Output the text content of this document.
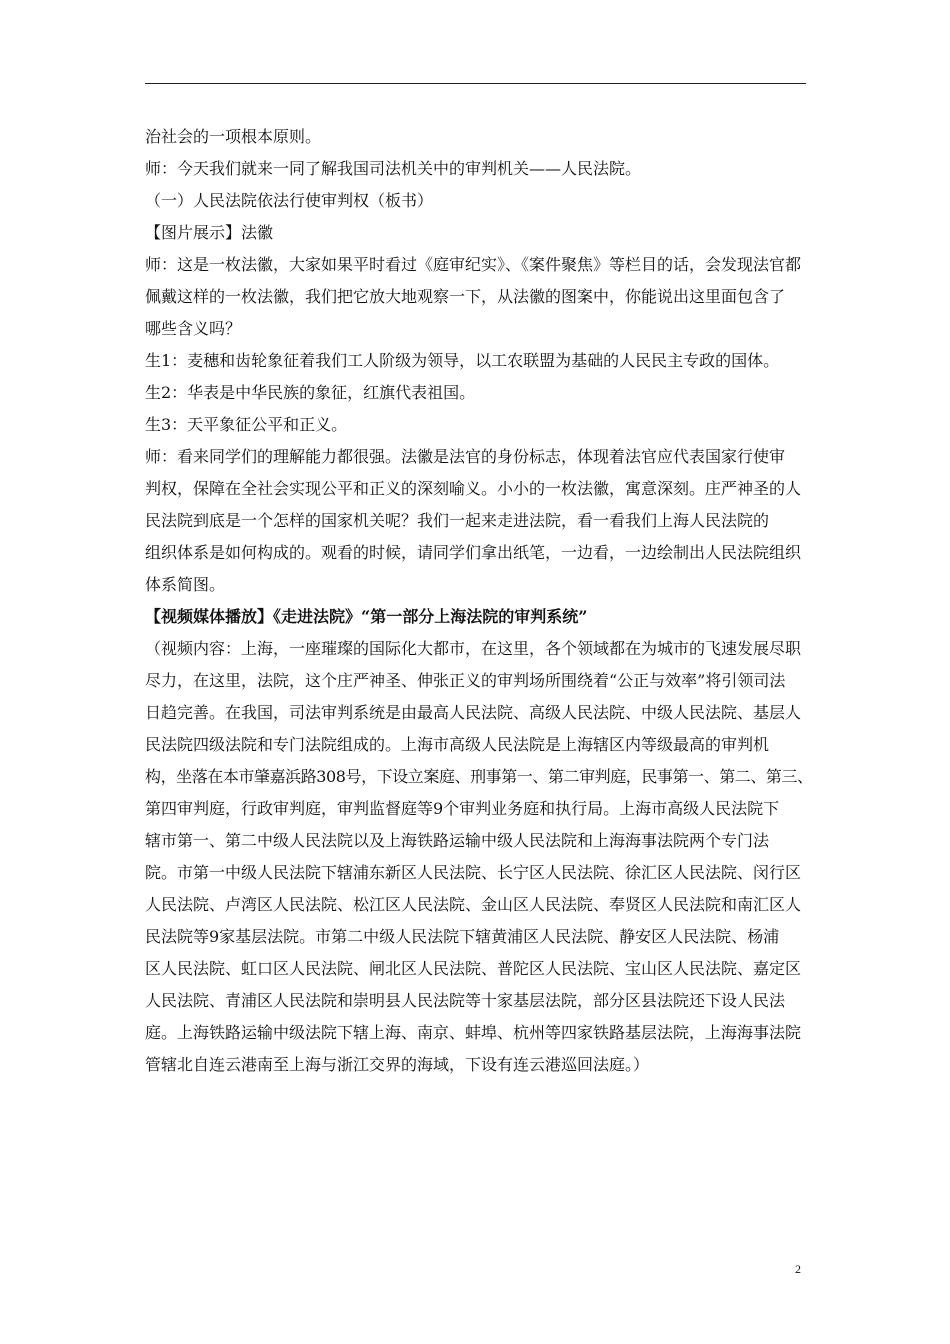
治社会的一项根本原则。
师：今天我们就来一同了解我国司法机关中的审判机关——人民法院。
（一）人民法院依法行使审判权（板书）
【图片展示】法徽
师：这是一枚法徽，大家如果平时看过《庭审纪实》、《案件聚焦》等栏目的话，会发现法官都
佩戴这样的一枚法徽，我们把它放大地观察一下，从法徽的图案中，你能说出这里面包含了
哪些含义吗？
生1：麦穗和齿轮象征着我们工人阶级为领导，以工农联盟为基础的人民民主专政的国体。
生2：华表是中华民族的象征，红旗代表祖国。
生3：天平象征公平和正义。
师：看来同学们的理解能力都很强。法徽是法官的身份标志，体现着法官应代表国家行使审
判权，保障在全社会实现公平和正义的深刻喻义。小小的一枚法徽，寓意深刻。庄严神圣的人
民法院到底是一个怎样的国家机关呢？我们一起来走进法院，看一看我们上海人民法院的
组织体系是如何构成的。观看的时候，请同学们拿出纸笔，一边看，一边绘制出人民法院组织
体系简图。
【视频媒体播放】《走进法院》“第一部分上海法院的审判系统”
（视频内容：上海，一座璀璨的国际化大都市，在这里，各个领域都在为城市的飞速发展尽职
尽力，在这里，法院，这个庄严神圣、伸张正义的审判场所围绕着“公正与效率”将引领司法
日趋完善。在我国，司法审判系统是由最高人民法院、高级人民法院、中级人民法院、基层人
民法院四级法院和专门法院组成的。上海市高级人民法院是上海辖区内等级最高的审判机
构，坐落在本市肇嘉浜路308号，下设立案庭、刑事第一、第二审判庭，民事第一、第二、第三、
第四审判庭，行政审判庭，审判监督庭等9个审判业务庭和执行局。上海市高级人民法院下
辖市第一、第二中级人民法院以及上海铁路运输中级人民法院和上海海事法院两个专门法
院。市第一中级人民法院下辖浦东新区人民法院、长宁区人民法院、徐汇区人民法院、闵行区
人民法院、卢湾区人民法院、松江区人民法院、金山区人民法院、奉贤区人民法院和南汇区人
民法院等9家基层法院。市第二中级人民法院下辖黄浦区人民法院、静安区人民法院、杨浦
区人民法院、虹口区人民法院、闸北区人民法院、普陀区人民法院、宝山区人民法院、嘉定区
人民法院、青浦区人民法院和崇明县人民法院等十家基层法院，部分区县法院还下设人民法
庭。上海铁路运输中级法院下辖上海、南京、蚌埠、杭州等四家铁路基层法院，上海海事法院
管辖北自连云港南至上海与浙江交界的海域，下设有连云港巡回法庭。）
2
